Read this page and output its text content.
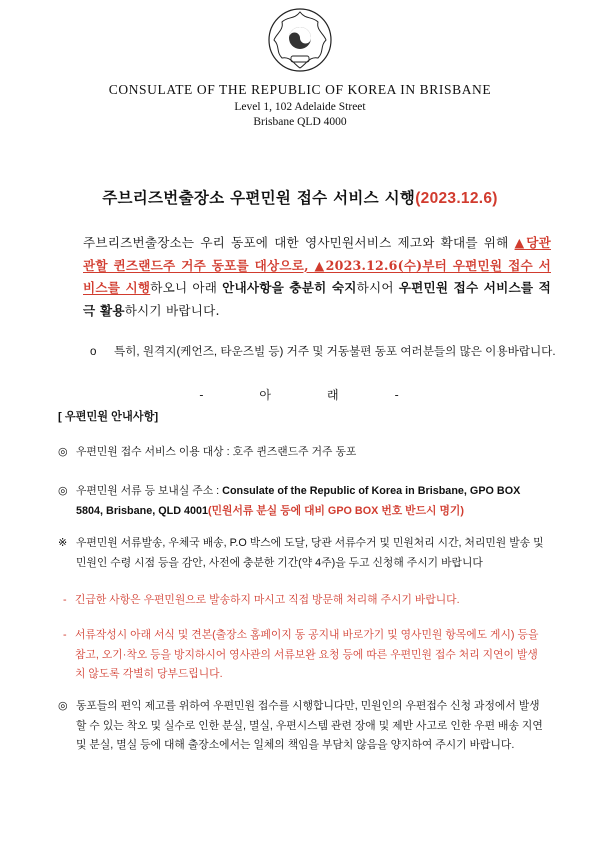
CONSULATE OF THE REPUBLIC OF KOREA IN BRISBANE
Level 1, 102 Adelaide Street
Brisbane QLD 4000
주브리즈번출장소 우편민원 접수 서비스 시행(2023.12.6)
주브리즈번출장소는 우리 동포에 대한 영사민원서비스 제고와 확대를 위해 ▲당관 관할 퀸즈랜드주 거주 동포를 대상으로, ▲2023.12.6(수)부터 우편민원 접수 서비스를 시행하오니 아래 안내사항을 충분히 숙지하시어 우편민원 접수 서비스를 적극 활용하시기 바랍니다.
o 특히, 원격지(케언즈, 타운즈빌 등) 거주 및 거동불편 동포 여러분들의 많은 이용바랍니다.
-	아	래	-
[ 우편민원 안내사항]
◎ 우편민원 접수 서비스 이용 대상 : 호주 퀸즈랜드주 거주 동포
◎ 우편민원 서류 등 보내실 주소 : Consulate of the Republic of Korea in Brisbane, GPO BOX 5804, Brisbane, QLD 4001(민원서류 분실 등에 대비 GPO BOX 번호 반드시 명기)
※ 우편민원 서류발송, 우체국 배송, P.O 박스에 도달, 당관 서류수거 및 민원처리 시간, 처리민원 발송 및 민원인 수령 시점 등을 감안, 사전에 충분한 기간(약 4주)을 두고 신청해 주시기 바랍니다
- 긴급한 사항은 우편민원으로 발송하지 마시고 직접 방문해 처리해 주시기 바랍니다.
- 서류작성시 아래 서식 및 견본(출장소 홈페이지 동 공지내 바로가기 및 영사민원 항목에도 게시) 등을 참고, 오기·착오 등을 방지하시어 영사관의 서류보완 요청 등에 따른 우편민원 접수 처리 지연이 발생치 않도록 각별히 당부드립니다.
◎ 동포들의 편익 제고를 위하여 우편민원 접수를 시행합니다만, 민원인의 우편접수 신청 과정에서 발생할 수 있는 착오 및 실수로 인한 분실, 멸실, 우편시스템 관련 장애 및 제반 사고로 인한 우편 배송 지연 및 분실, 멸실 등에 대해 출장소에서는 일체의 책임을 부담치 않음을 양지하여 주시기 바랍니다.
